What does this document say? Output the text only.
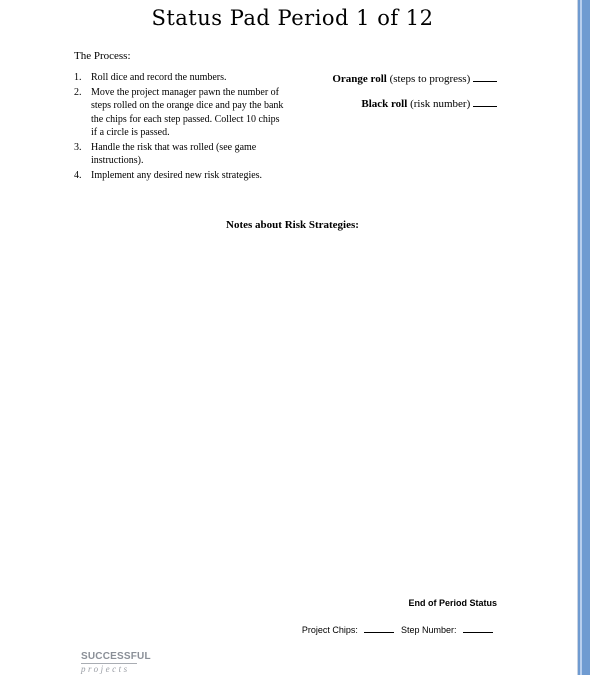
Status Pad Period 1 of 12
The Process:
1. Roll dice and record the numbers.
2. Move the project manager pawn the number of steps rolled on the orange dice and pay the bank the chips for each step passed. Collect 10 chips if a circle is passed.
3. Handle the risk that was rolled (see game instructions).
4. Implement any desired new risk strategies.
Orange roll (steps to progress)
Black roll (risk number)
Notes about Risk Strategies:
End of Period Status
Project Chips:	Step Number:
SUCCESSFUL
projects
